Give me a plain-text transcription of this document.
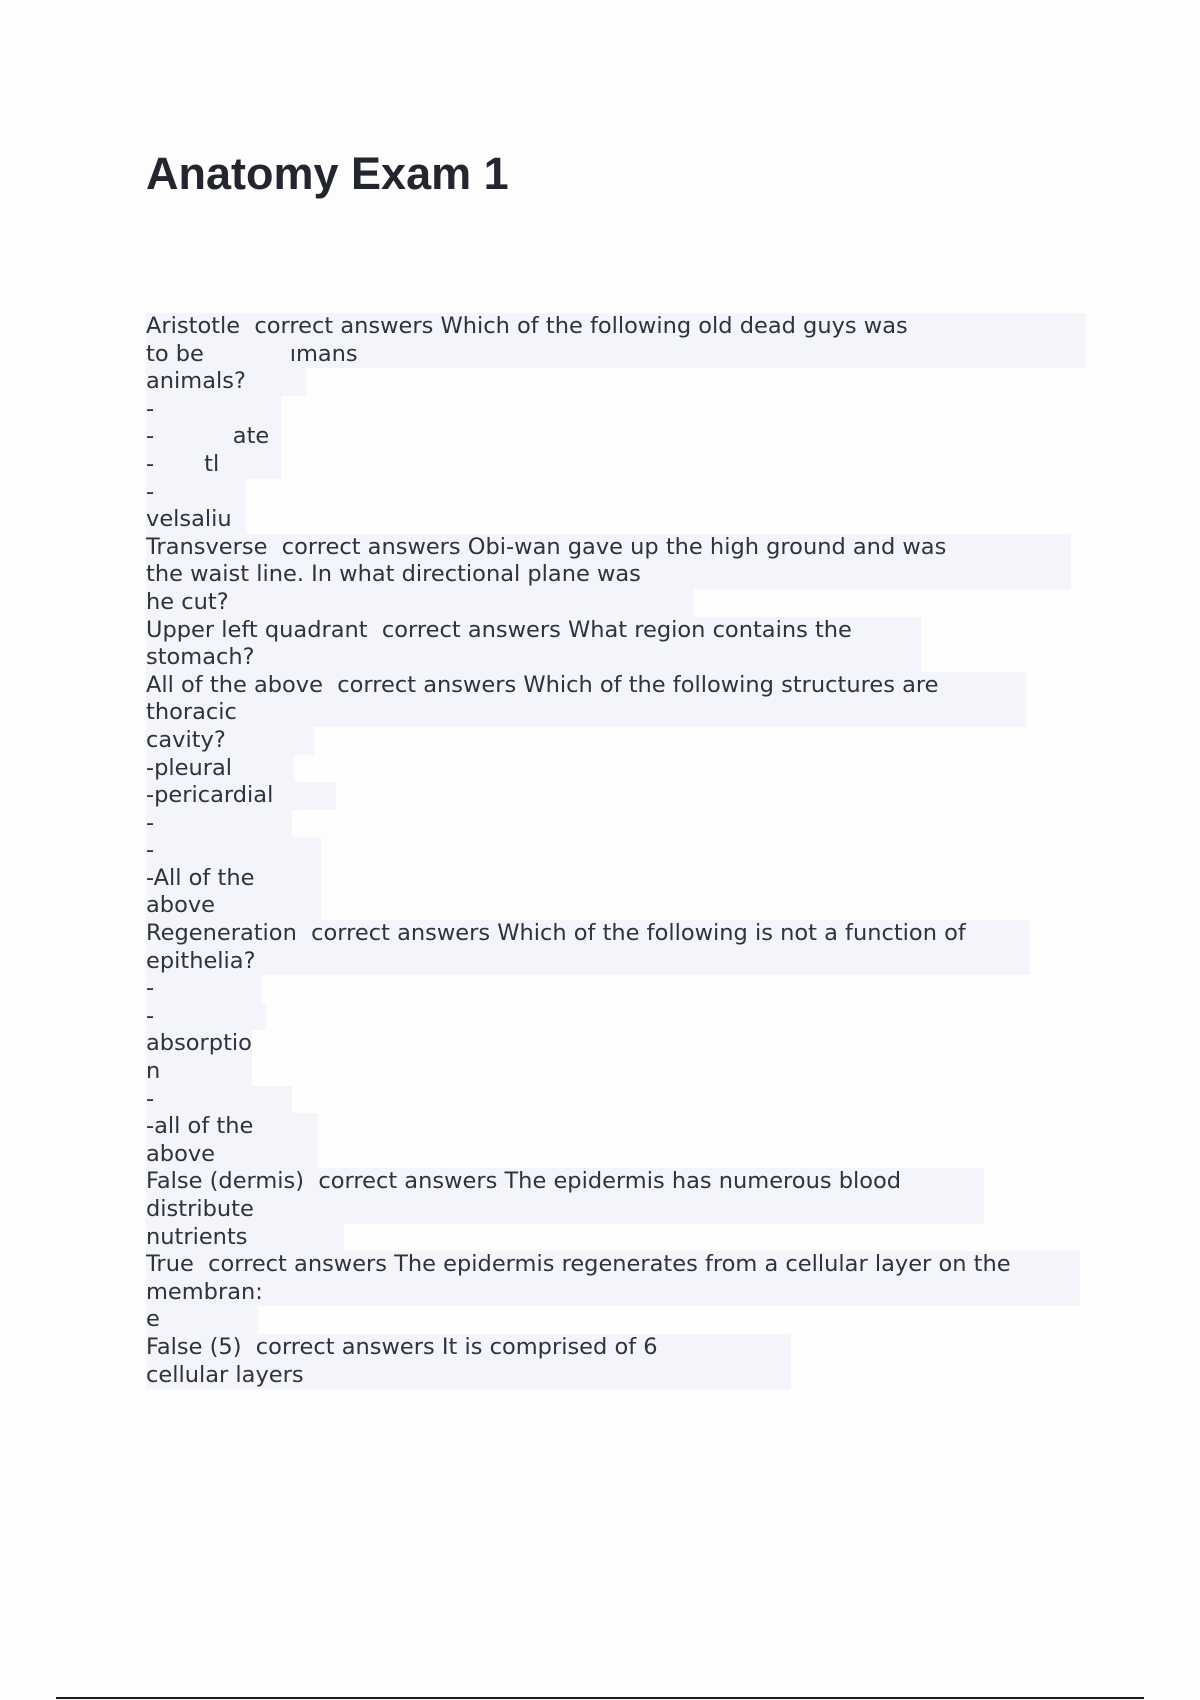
Anatomy Exam 1
Aristotle  correct answers Which of the following old dead guys was
to be            ımans
animals?
-
-           ate
-       tl
-
velsaliu
Transverse  correct answers Obi-wan gave up the high ground and was
the waist line. In what directional plane was
he cut?
Upper left quadrant  correct answers What region contains the
stomach?
All of the above  correct answers Which of the following structures are
thoracic
cavity?
-pleural
-pericardial
-
-
-All of the
above
Regeneration  correct answers Which of the following is not a function of
epithelia?
-
-
absorptio
n
-
-all of the
above
False (dermis)  correct answers The epidermis has numerous blood
distribute
nutrients
True  correct answers The epidermis regenerates from a cellular layer on the
membran:
e
False (5)  correct answers It is comprised of 6
cellular layers
